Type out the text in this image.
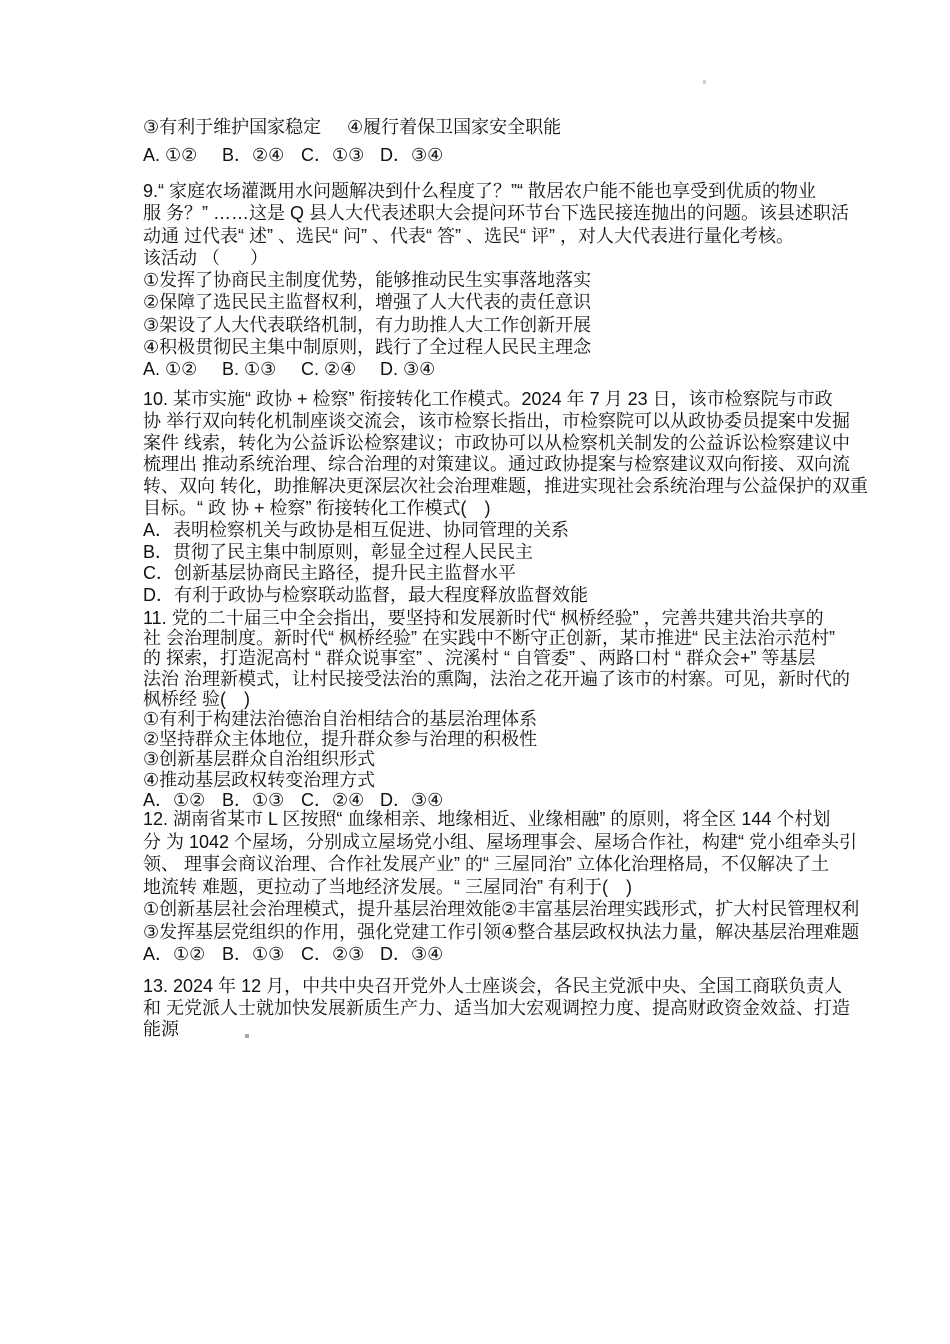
③有利于维护国家稳定 ④履行着保卫国家安全职能
A. ①② B．②④ C．①③ D．③④
9.“ 家庭农场灌溉用水问题解决到什么程度了？”“ 散居农户能不能也享受到优质的物业
服 务？” ……这是 Q 县人大代表述职大会提问环节台下选民接连抛出的问题。该县述职活
动通 过代表“ 述” 、选民“ 问” 、代表“ 答” 、选民“ 评” ，对人大代表进行量化考核。
该活动 （      ）
①发挥了协商民主制度优势，能够推动民生实事落地落实
②保障了选民民主监督权利，增强了人大代表的责任意识
③架设了人大代表联络机制，有力助推人大工作创新开展
④积极贯彻民主集中制原则，践行了全过程人民民主理念
A. ①② B. ①③ C. ②④ D. ③④
10. 某市实施“ 政协 + 检察” 衔接转化工作模式。2024 年 7 月 23 日，该市检察院与市政
协 举行双向转化机制座谈交流会，该市检察长指出，市检察院可以从政协委员提案中发掘
案件 线索，转化为公益诉讼检察建议；市政协可以从检察机关制发的公益诉讼检察建议中
梳理出 推动系统治理、综合治理的对策建议。通过政协提案与检察建议双向衔接、双向流
转、双向 转化，助推解决更深层次社会治理难题，推进实现社会系统治理与公益保护的双重
目标。“ 政 协 + 检察” 衔接转化工作模式(　)
A．表明检察机关与政协是相互促进、协同管理的关系
B．贯彻了民主集中制原则，彰显全过程人民民主
C．创新基层协商民主路径，提升民主监督水平
D．有利于政协与检察联动监督，最大程度释放监督效能
11. 党的二十届三中全会指出，要坚持和发展新时代“ 枫桥经验” ，完善共建共治共享的
社 会治理制度。新时代“ 枫桥经验” 在实践中不断守正创新，某市推进“ 民主法治示范村”
的 探索，打造泥高村 “ 群众说事室” 、浣溪村 “ 自管委” 、两路口村 “ 群众会+” 等基层
法治 治理新模式，让村民接受法治的熏陶，法治之花开遍了该市的村寨。可见，新时代的
枫桥经 验(　)
①有利于构建法治德治自治相结合的基层治理体系
②坚持群众主体地位，提升群众参与治理的积极性
③创新基层群众自治组织形式
④推动基层政权转变治理方式
A．①② B．①③ C．②④ D．③④
12. 湖南省某市 L 区按照“ 血缘相亲、地缘相近、业缘相融” 的原则，将全区 144 个村划
分 为 1042 个屋场，分别成立屋场党小组、屋场理事会、屋场合作社，构建“ 党小组牵头引
领、 理事会商议治理、合作社发展产业” 的“ 三屋同治” 立体化治理格局，不仅解决了土
地流转 难题，更拉动了当地经济发展。“ 三屋同治” 有利于(　)
①创新基层社会治理模式，提升基层治理效能②丰富基层治理实践形式，扩大村民管理权利
③发挥基层党组织的作用，强化党建工作引领④整合基层政权执法力量，解决基层治理难题
A．①② B．①③ C．②③ D．③④
13. 2024 年 12 月，中共中央召开党外人士座谈会，各民主党派中央、全国工商联负责人
和 无党派人士就加快发展新质生产力、适当加大宏观调控力度、提高财政资金效益、打造
能源
